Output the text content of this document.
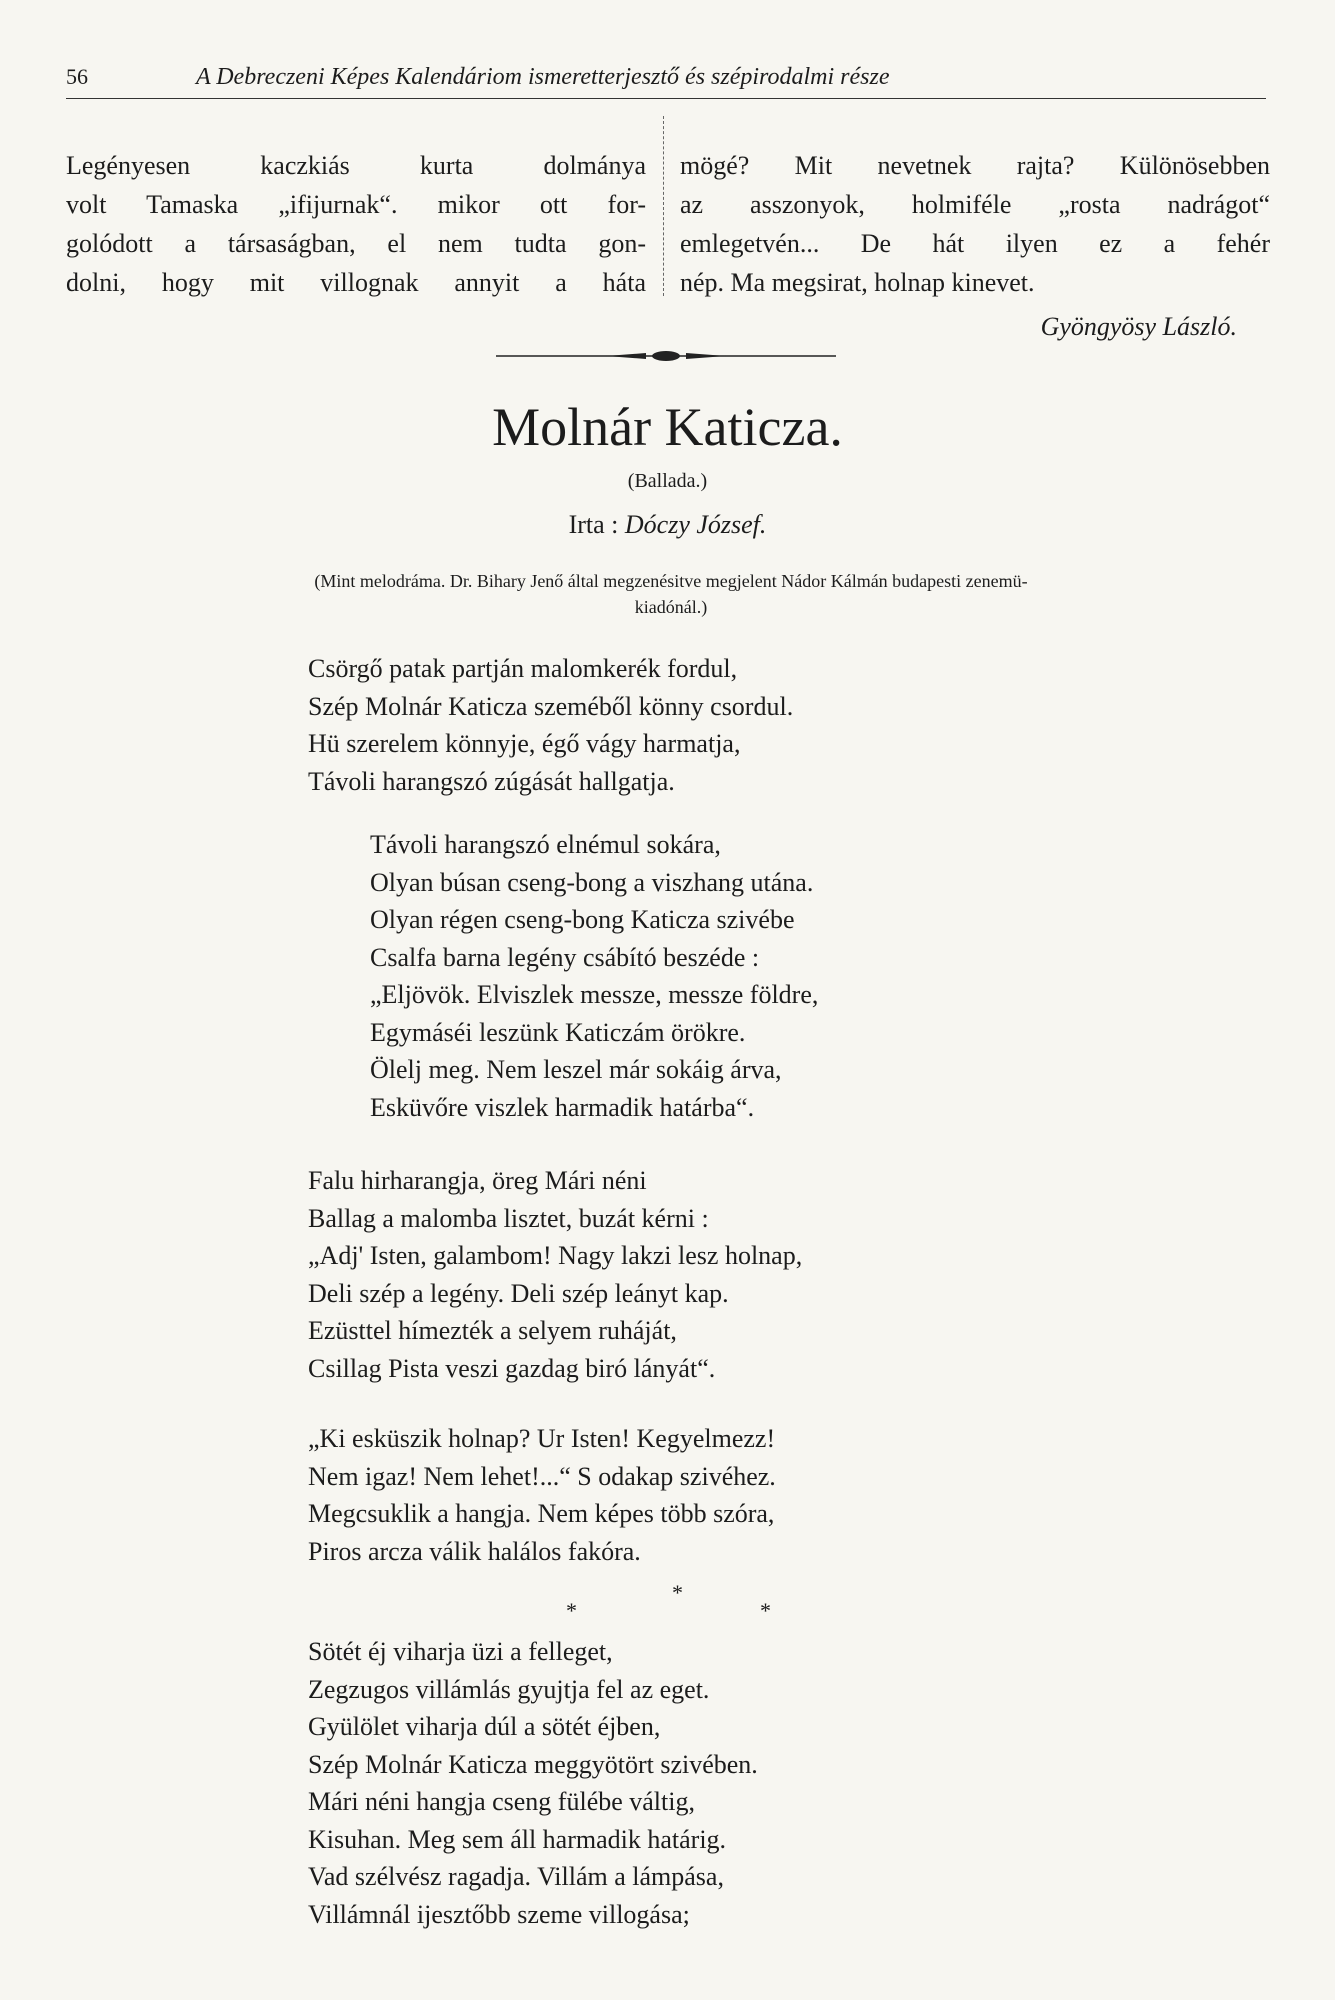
56	A Debreczeni Képes Kalendáriom ismeretterjesztő és szépirodalmi része
Legényesen kaczkiás kurta dolmánya
volt Tamaska „ifijurnak“. mikor ott for-
golódott a társaságban, el nem tudta gon-
dolni, hogy mit villognak annyit a háta
mögé? Mit nevetnek rajta? Különösebben
az asszonyok, holmiféle „rosta nadrágot“
emlegetvén... De hát ilyen ez a fehér
nép. Ma megsirat, holnap kinevet.
Gyöngyösy László.
Molnár Katicza.
(Ballada.)
Irta : Dóczy József.
(Mint melodráma. Dr. Bihary Jenő által megzenésitve megjelent Nádor Kálmán budapesti zenemü-
kiadónál.)
Csörgő patak partján malomkerék fordul,
Szép Molnár Katicza szeméből könny csordul.
Hü szerelem könnyje, égő vágy harmatja,
Távoli harangszó zúgását hallgatja.
Távoli harangszó elnémul sokára,
Olyan búsan cseng-bong a viszhang utána.
Olyan régen cseng-bong Katicza szivébe
Csalfa barna legény csábító beszéde :
„Eljövök. Elviszlek messze, messze földre,
Egymáséi leszünk Katiczám örökre.
Ölelj meg. Nem leszel már sokáig árva,
Esküvőre viszlek harmadik határba“.
Falu hirharangja, öreg Mári néni
Ballag a malomba lisztet, buzát kérni :
„Adj' Isten, galambom! Nagy lakzi lesz holnap,
Deli szép a legény. Deli szép leányt kap.
Ezüsttel hímezték a selyem ruháját,
Csillag Pista veszi gazdag biró lányát“.
„Ki esküszik holnap? Ur Isten! Kegyelmezz!
Nem igaz! Nem lehet!...“ S odakap szivéhez.
Megcsuklik a hangja. Nem képes több szóra,
Piros arcza válik halálos fakóra.
*
*	*
Sötét éj viharja üzi a felleget,
Zegzugos villámlás gyujtja fel az eget.
Gyülölet viharja dúl a sötét éjben,
Szép Molnár Katicza meggyötört szivében.
Mári néni hangja cseng fülébe váltig,
Kisuhan. Meg sem áll harmadik határig.
Vad szélvész ragadja. Villám a lámpása,
Villámnál ijesztőbb szeme villogása;
